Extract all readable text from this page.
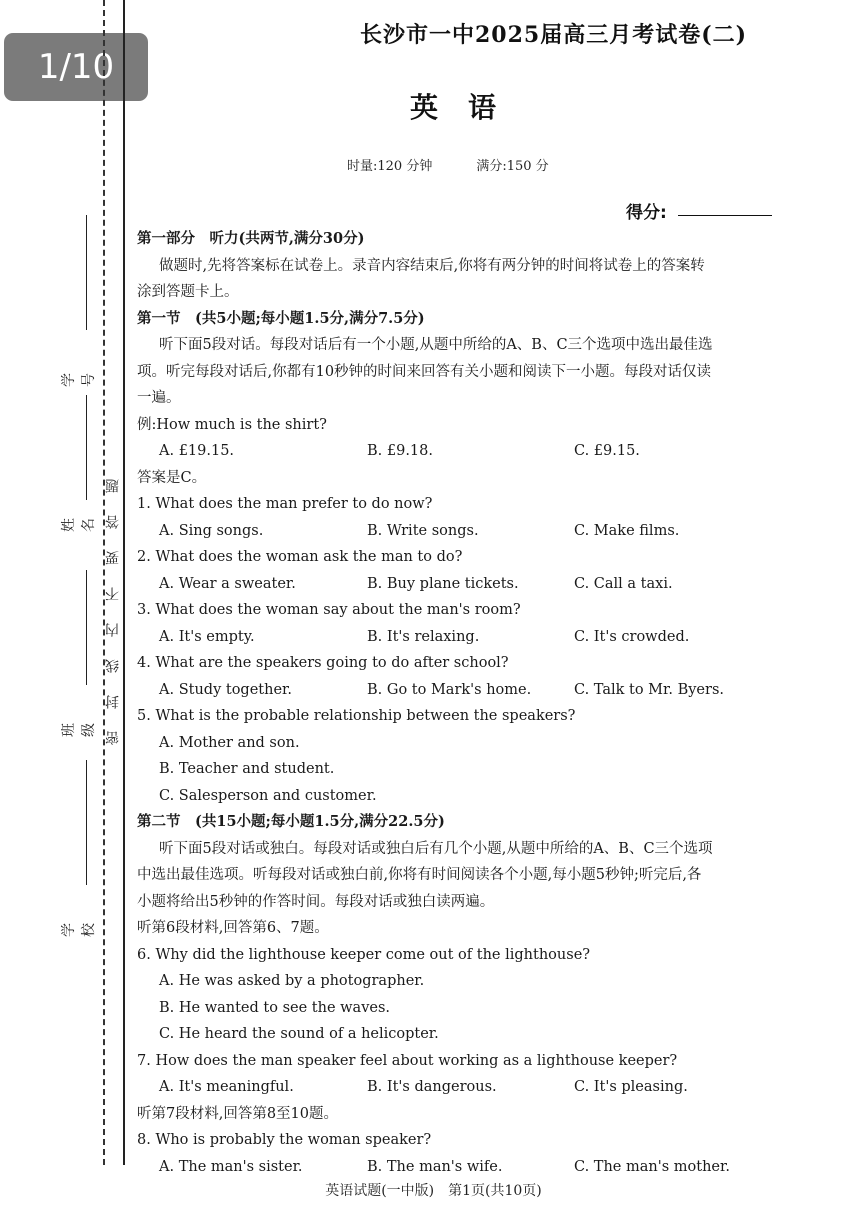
1/10
密封线内不要答题
学号
姓名
班级
学校
长沙市一中2025届高三月考试卷(二)
英语
时量:120 分钟	满分:150 分
得分:
第一部分　听力(共两节,满分30分)
做题时,先将答案标在试卷上。录音内容结束后,你将有两分钟的时间将试卷上的答案转
涂到答题卡上。
第一节　(共5小题;每小题1.5分,满分7.5分)
听下面5段对话。每段对话后有一个小题,从题中所给的A、B、C三个选项中选出最佳选
项。听完每段对话后,你都有10秒钟的时间来回答有关小题和阅读下一小题。每段对话仅读
一遍。
例:How much is the shirt?
A. £19.15.	B. £9.18.	C. £9.15.
答案是C。
1. What does the man prefer to do now?
A. Sing songs.	B. Write songs.	C. Make films.
2. What does the woman ask the man to do?
A. Wear a sweater.	B. Buy plane tickets.	C. Call a taxi.
3. What does the woman say about the man's room?
A. It's empty.	B. It's relaxing.	C. It's crowded.
4. What are the speakers going to do after school?
A. Study together.	B. Go to Mark's home.	C. Talk to Mr. Byers.
5. What is the probable relationship between the speakers?
A. Mother and son.
B. Teacher and student.
C. Salesperson and customer.
第二节　(共15小题;每小题1.5分,满分22.5分)
听下面5段对话或独白。每段对话或独白后有几个小题,从题中所给的A、B、C三个选项
中选出最佳选项。听每段对话或独白前,你将有时间阅读各个小题,每小题5秒钟;听完后,各
小题将给出5秒钟的作答时间。每段对话或独白读两遍。
听第6段材料,回答第6、7题。
6. Why did the lighthouse keeper come out of the lighthouse?
A. He was asked by a photographer.
B. He wanted to see the waves.
C. He heard the sound of a helicopter.
7. How does the man speaker feel about working as a lighthouse keeper?
A. It's meaningful.	B. It's dangerous.	C. It's pleasing.
听第7段材料,回答第8至10题。
8. Who is probably the woman speaker?
A. The man's sister.	B. The man's wife.	C. The man's mother.
英语试题(一中版)　第1页(共10页)
